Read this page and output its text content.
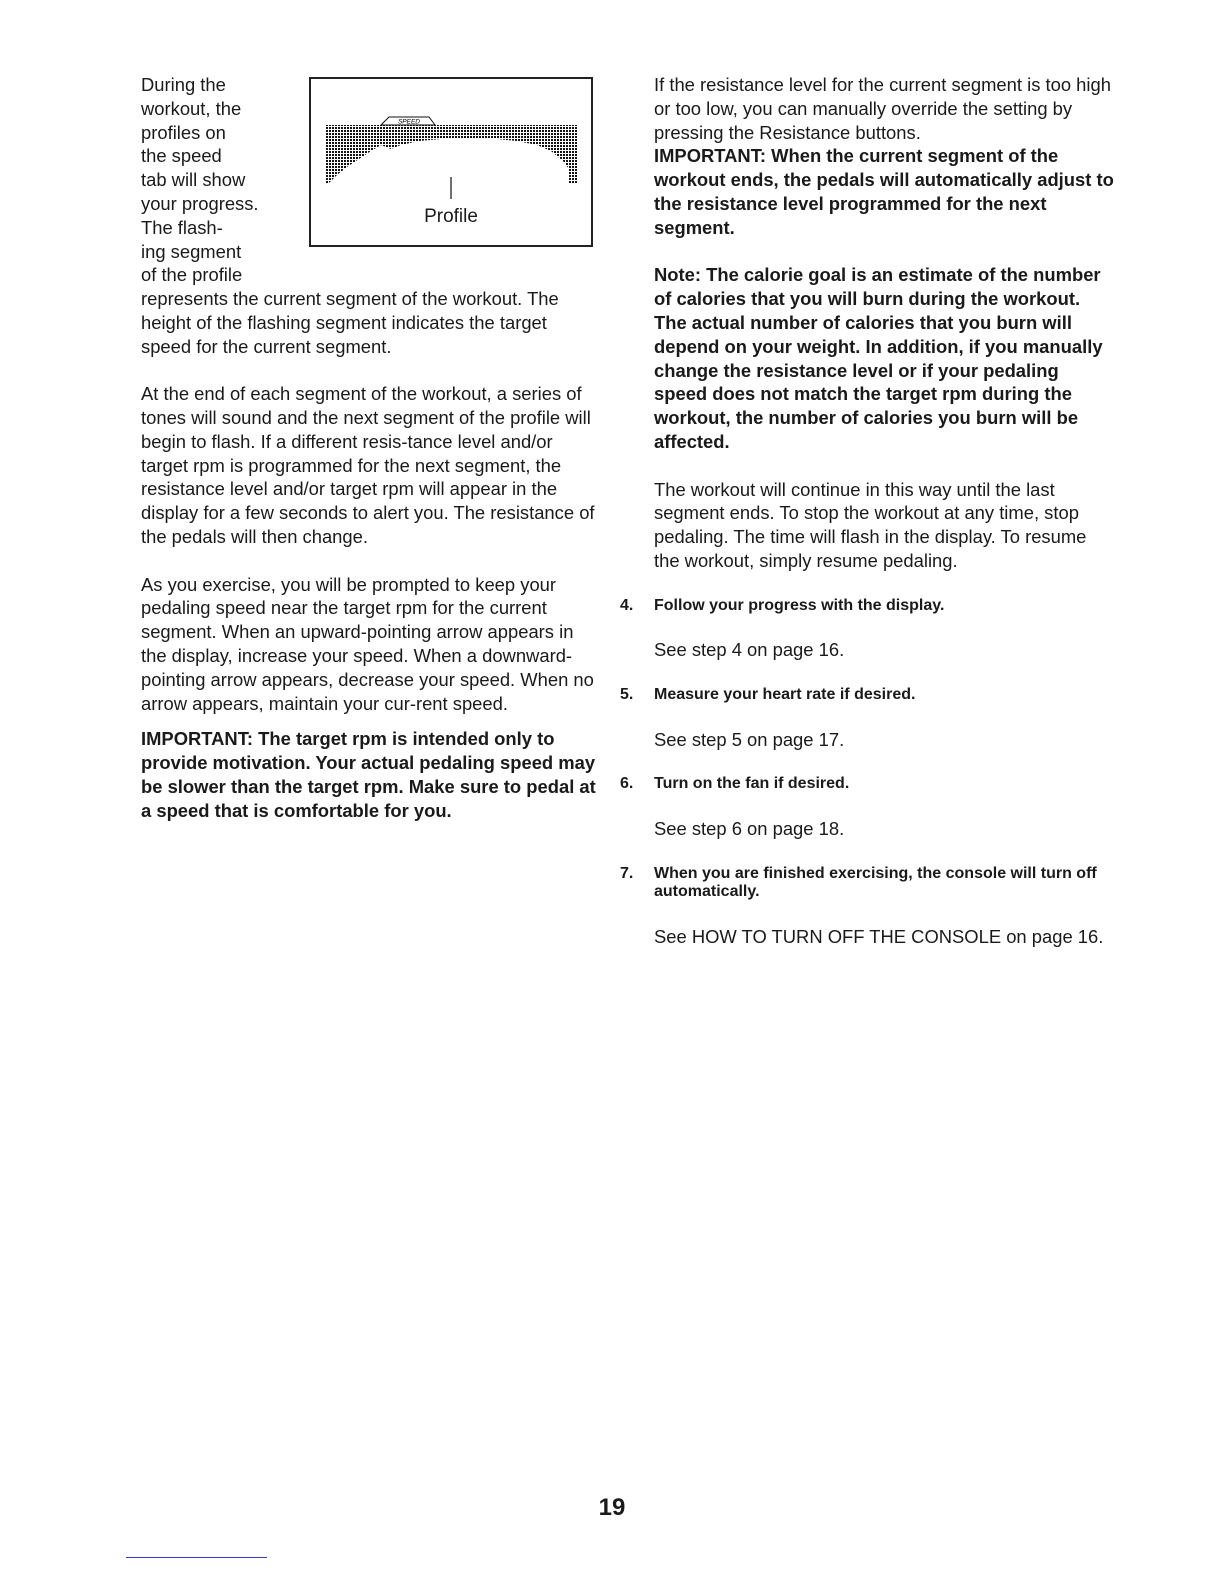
During the

workout, the

profiles on

the speed

tab will show

your progress.

The flash-

ing segment

of the profile

SPEED
Profile

represents the current segment of the workout. The height of the flashing segment indicates the target speed for the current segment.

At the end of each segment of the workout, a series of tones will sound and the next segment of the profile will begin to flash. If a different resis-tance level and/or target rpm is programmed for the next segment, the resistance level and/or target rpm will appear in the display for a few seconds to alert you. The resistance of the pedals will then change.

As you exercise, you will be prompted to keep your pedaling speed near the target rpm for the current segment. When an upward-pointing arrow appears in the display, increase your speed. When a downward-pointing arrow appears, decrease your speed. When no arrow appears, maintain your cur-rent speed.

IMPORTANT: The target rpm is intended only to provide motivation. Your actual pedaling speed may be slower than the target rpm. Make sure to pedal at a speed that is comfortable for you.

If the resistance level for the current segment is too high or too low, you can manually override the setting by pressing the Resistance buttons.

IMPORTANT: When the current segment of the workout ends, the pedals will automatically adjust to the resistance level programmed for the next segment.

Note: The calorie goal is an estimate of the number of calories that you will burn during the workout. The actual number of calories that you burn will depend on your weight. In addition, if you manually change the resistance level or if your pedaling speed does not match the target rpm during the workout, the number of calories you burn will be affected.

The workout will continue in this way until the last segment ends. To stop the workout at any time, stop pedaling. The time will flash in the display. To resume the workout, simply resume pedaling.

4.	Follow your progress with the display.

See step 4 on page 16.

5.	Measure your heart rate if desired.

See step 5 on page 17.

6.	Turn on the fan if desired.

See step 6 on page 18.

7.	When you are finished exercising, the console will turn off automatically.

See HOW TO TURN OFF THE CONSOLE on page 16.

19
